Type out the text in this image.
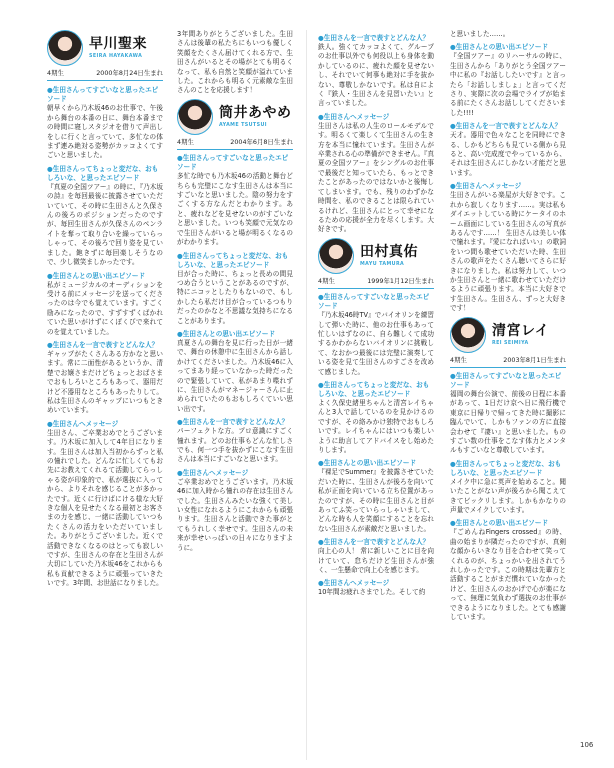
早川聖来
SEIRA HAYAKAWA
4期生	2000年8月24日生まれ
●生田さんってすごいなと思ったエピソード
朝早くから乃木坂46のお仕事で、午後から舞台の本番の日に、舞台本番までの時間に寝しスタジオを借りて声出しをしに行くと言っていて、多忙なの体まず連み絶対る姿勢がカッコよくてすごいと思いました。
●生田さんってちょっと変だな、おもしろいな、と思ったエピソード
『真夏の全国ツアー』の時に、『乃木坂の詩』を毎回最後に披露させていただいていて、その時に生田さんと久保さんの後ろのポジションだったのですが、毎回生田さんが久保さんのペンライトを奪って取り合いを繰っていらっしゃって、その後ろで回り姿を見ていました。飽きずに毎回楽しそうなので、少し微笑ましかったです。
●生田さんとの思い出エピソード
私がミュージカルのオーディションを受ける前にメッセージを送ってくださったのは今でも覚えています。すごく励みになったので、すずすずくばかれていた思いがけずにくぼくびで来れてのを覚えていました。
●生田さんを一言で表すとどんな人？
ギャップがたくさんある方かなと思います。常に二面性があるというか、清楚でお嬢さまだけどちょっとおばさまでおもしろいところもあって、器用だけど不器用なところもあったりして。私は生田さんのギャップにいつもときめいています。
●生田さんへメッセージ
生田さん、ご卒業おめでとうございます。乃木坂に加入して4年目になります。生田さんは加入当初からずっと私の憧れでした。どんなに忙しくてもお先にお教えてくれるて活動してらっしゃる姿が印象的で、私が選抜に入ってから、よりそれを感じることが多かったです。近くに行けばにける様な大好きな個人を見せたくなる最初とお客さまの力を感じ、一緒に活動していつもたくさんの活力をいただいていました。ありがとうございました。近くで活動できなくなるのはとっても寂しいですが、生田さんの存在と生田さんが大切にしていた乃木坂46をこれからも私も貢献できるように頑張っていきたいです。3年間、お世話になりました。
3年間ありがとうございました。生田さんは後輩の私たちにもいつも優しく笑顔をたくさん届けてくれる方で、生田さんがいるとその場がとても明るくなって、私も自然と笑顔が溢れていました。これからも明るく元素敵な生田さんのことを応援します！
筒井あやめ
AYAME TSUTSUI
4期生	2004年6月8日生まれ
●生田さんってすごいなと思ったエピソード
多忙な時でも乃木坂46の活動と舞台どちらも完璧にこなす生田さんは本当にすごいなと思いました。陰の努力をすごくする方なんだとわかります。あと、疲れなどを見せないのがすごいなと思いました。いつも笑顔で元気なので生田さんがいると場が明るくなるのがわかります。
●生田さんってちょっと変だな、おもしろいな、と思ったエピソード
目が合った時に、ちょっと長めの間見つめ合うということがあるのですが、特にニコッとしたりもないので、もしかしたら私だけ目が合っているつもりだったのかなと不思議な気持ちになることがあります。
●生田さんとの思い出エピソード
真夏さんの舞台を見に行った日が一緒で、舞台の休憩中に生田さんから話しかけてくださいました。乃木坂46に入ってまあり経っていなかった時だったので緊張していて、私があまり喋れずに、生田さんがマネージャーさんに止められていたのもおもしろくていい思い出です。
●生田さんを一言で表すとどんな人？
パーフェクトな方。プロ意識にすごく憧れます。どのお仕事もどんな忙しさでも、何一つ手を抜かずにこなす生田さんは本当にすごいなと思います。
●生田さんへメッセージ
ご卒業おめでとうございます。乃木坂46に加入時から憧れの存在は生田さんでした。生田さんみたいな強くて美しい女性になれるようにこれからも頑張ります。生田さんと活動できた事がとてもうれしく幸せです。生田さんの未来が幸せいっぱいの日々になりますように。
●生田さんを一言で表すとどんな人？
鉄人。強くてカッコよくて、グループのお仕事以外でも何役以上も身体を動かしているのに、疲れた顔を見せないし、それでいて何事も絶対に手を抜かない、尊敬しかないです。私は自によく『鉄人・生田さんを見習いたい』と言っていました。
●生田さんへメッセージ
生田さんは私の人生のロールモデルです。明るくて楽しくて生田さんの生き方を本当に憧れています。生田さんが卒業される心の準備ができません。『真夏の全国ツアー』をシングルのお仕事で最後だと知っていたら、もっとできたことがあったのではないかと後悔してしまいます。でも、残りのわずかな時間を、私のできることは限られているけれど、生田さんにとって幸せになるための応援が全力を尽くします。大好きです。
田村真佑
MAYU TAMURA
4期生	1999年1月12日生まれ
●生田さんってすごいなと思ったエピソード
『乃木坂46時TV』でバイオリンを練習して弾いた時に、他のお仕事もあって忙しいはずなのに、自ら難しくて成功するかわからないバイオリンに挑戦して、なおかつ最後には完璧に演奏している姿を見て生田さんのすごさを改めて感じました。
●生田さんってちょっと変だな、おもしろいな、と思ったエピソード
よく久保史緒里ちゃんと清宮レイちゃんと3人で話しているのを見かけるのですが、その絡みかけ独特でおもしろいです。レイちゃんにはいつも楽しいように助言してアドバイスをし始めたりします。
●生田さんとの思い出エピソード
『裸足でSummer』を披露させていただいた時に、生田さんが後ろを向いて私が正面を向いている立ち位置があったのですが、その時に生田さんと目があってふ笑っていらっしゃいまして、どんな時も人を笑顔にすることを忘れない生田さんが素敵だと思いました。
●生田さんを一言で表すとどんな人？
向上心の人！ 常に新しいことに目を向けていて、怠ちだけど生田さんが強く、一生懸命で向上心を感じます。
●生田さんへメッセージ
10年間お疲れさまでした。そして約
と思いました……。
●生田さんとの思い出エピソード
『全国ツアー』のリハーサルの時に、生田さんから「ありがとう全国ツアー中に私の『お話ししたいです』と言ったら「お話ししましょ」と言ってくださり、実際に次の会場でライブが始まる前にたくさんお話ししてくださいました!!!!
●生田さんを一言で表すとどんな人？
天才。器用で色々なことを同時にできる、しかもどちらも見ている側から見ると、高い完成度でやっているから、それは生田さんにしかない才能だと思います。
●生田さんへメッセージ
生田さんがいる楽屋が大好きです。これから寂しくなります……。実は私もダイエットしている時にケータイのホーム画面にしている生田さんの写真があるんです……！ 生田さんは美しい体で憧れます。『愛になればいい』の歌詞をいつ間も歌せていただいた時、生田さんの歌声をたくさん聴いてさらに好きになりました。私は努力して、いつか生田さんと一緒に歌わせていただけるように頑張ります。本当に大好きです生田さん。生田さん、ずっと大好きです！
清宮レイ
REI SEIMIYA
4期生	2003年8月1日生まれ
●生田さんってすごいなと思ったエピソード
福岡の舞台公演で、前後の日程に本番があって、1日だけ京へ日に飛行機で東京に日帰りで帰ってきた時に撮影に臨んでいて、しかもファンの方に直接会わせて『凄い』と思いました。ものすごい数の仕事をこなす体力とメンタルもすごいなと尊敬しています。
●生田さんってちょっと変だな、おもしろいな、と思ったエピソード
メイク中に急に英声を始めること。聞いたことがない声が後ろから聞こえてきてビックリします。しかもかなりの声量でメイクしています。
●生田さんとの思い出エピソード
『ごめんねFingers crossed』の時、曲の始まりが隣だったのですが、真剣な顔からいきなり目を合わせて笑ってくれるのが、ちょっかいを出されてうれしかったです。この時期は先輩方と活動することがまだ慣れていなかったけど、生田さんのおかげで心が楽になって、無理に気負わず選抜のお仕事ができるようになりました。とても感謝しています。
106
